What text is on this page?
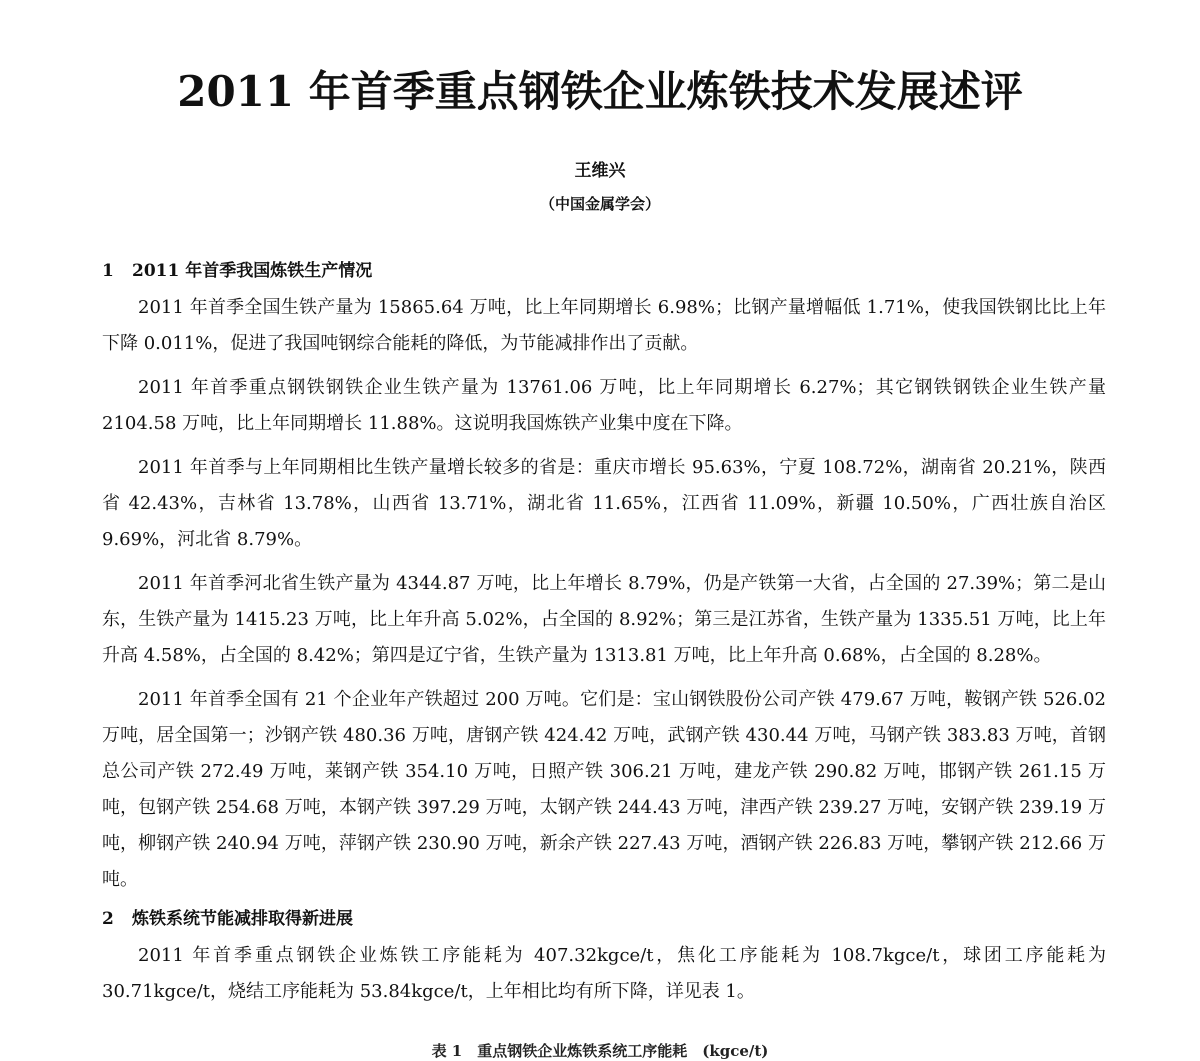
2011 年首季重点钢铁企业炼铁技术发展述评
王维兴
（中国金属学会）
1 2011 年首季我国炼铁生产情况

2011 年首季全国生铁产量为 15865.64 万吨，比上年同期增长 6.98%；比钢产量增幅低 1.71%，使我国铁钢比比上年下降 0.011%，促进了我国吨钢综合能耗的降低，为节能减排作出了贡献。

2011 年首季重点钢铁钢铁企业生铁产量为 13761.06 万吨，比上年同期增长 6.27%；其它钢铁钢铁企业生铁产量 2104.58 万吨，比上年同期增长 11.88%。这说明我国炼铁产业集中度在下降。

2011 年首季与上年同期相比生铁产量增长较多的省是：重庆市增长 95.63%，宁夏 108.72%，湖南省 20.21%，陕西省 42.43%，吉林省 13.78%，山西省 13.71%，湖北省 11.65%，江西省 11.09%，新疆 10.50%，广西壮族自治区 9.69%，河北省 8.79%。

2011 年首季河北省生铁产量为 4344.87 万吨，比上年增长 8.79%，仍是产铁第一大省，占全国的 27.39%；第二是山东，生铁产量为 1415.23 万吨，比上年升高 5.02%，占全国的 8.92%；第三是江苏省，生铁产量为 1335.51 万吨，比上年升高 4.58%，占全国的 8.42%；第四是辽宁省，生铁产量为 1313.81 万吨，比上年升高 0.68%，占全国的 8.28%。

2011 年首季全国有 21 个企业年产铁超过 200 万吨。它们是：宝山钢铁股份公司产铁 479.67 万吨，鞍钢产铁 526.02 万吨，居全国第一；沙钢产铁 480.36 万吨，唐钢产铁 424.42 万吨，武钢产铁 430.44 万吨，马钢产铁 383.83 万吨，首钢总公司产铁 272.49 万吨，莱钢产铁 354.10 万吨，日照产铁 306.21 万吨，建龙产铁 290.82 万吨，邯钢产铁 261.15 万吨，包钢产铁 254.68 万吨，本钢产铁 397.29 万吨，太钢产铁 244.43 万吨，津西产铁 239.27 万吨，安钢产铁 239.19 万吨，柳钢产铁 240.94 万吨，萍钢产铁 230.90 万吨，新余产铁 227.43 万吨，酒钢产铁 226.83 万吨，攀钢产铁 212.66 万吨。

2 炼铁系统节能减排取得新进展

2011 年首季重点钢铁企业炼铁工序能耗为 407.32kgce/t，焦化工序能耗为 108.7kgce/t，球团工序能耗为 30.71kgce/t，烧结工序能耗为 53.84kgce/t，上年相比均有所下降，详见表 1。

表 1　重点钢铁企业炼铁系统工序能耗　(kgce/t)
